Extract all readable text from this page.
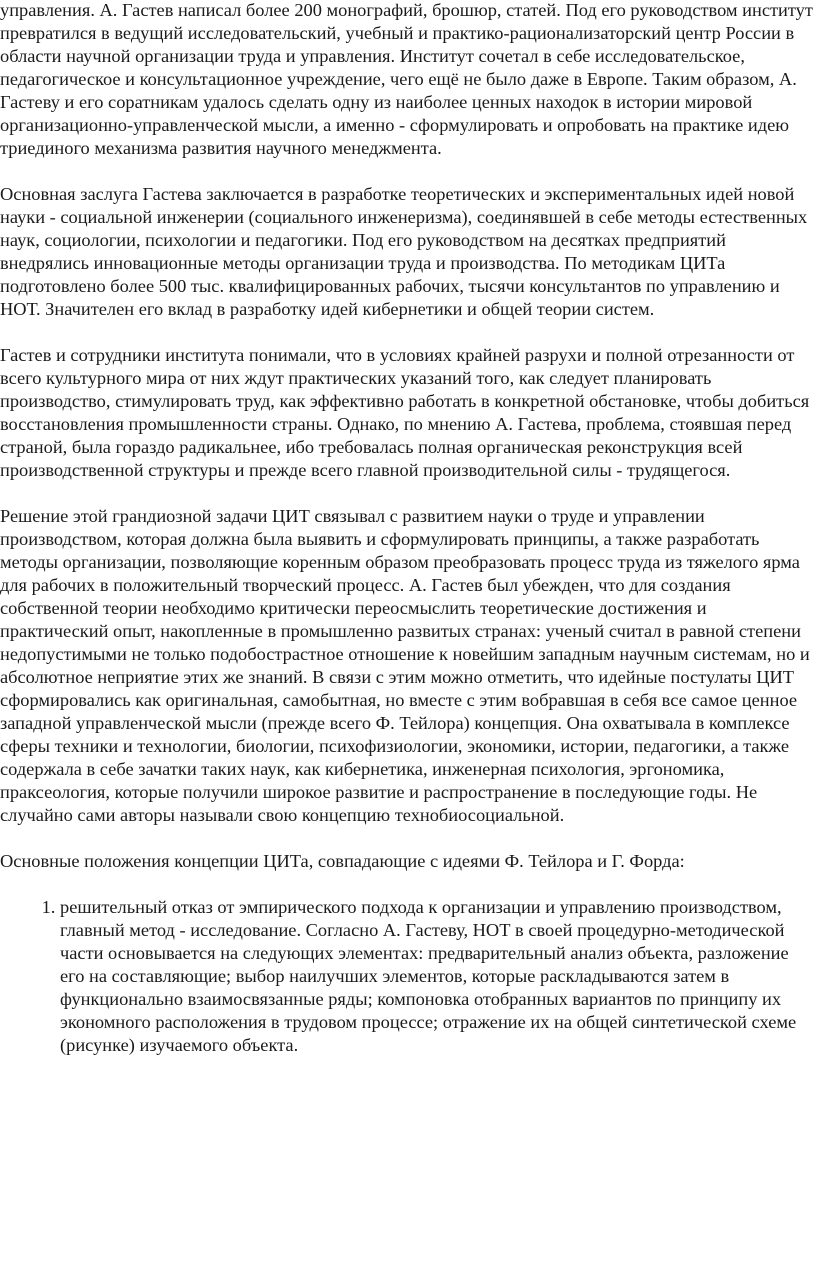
управления. А. Гастев написал более 200 монографий, брошюр, статей. Под его руководством институт превратился в ведущий исследовательский, учебный и практико-рационализаторский центр России в области научной организации труда и управления. Институт сочетал в себе исследовательское, педагогическое и консультационное учреждение, чего ещё не было даже в Европе. Таким образом, А. Гастеву и его соратникам удалось сделать одну из наиболее ценных находок в истории мировой организационно-управленческой мысли, а именно - сформулировать и опробовать на практике идею триединого механизма развития научного менеджмента.

Основная заслуга Гастева заключается в разработке теоретических и экспериментальных идей новой науки - социальной инженерии (социального инженеризма), соединявшей в себе методы естественных наук, социологии, психологии и педагогики. Под его руководством на десятках предприятий внедрялись инновационные методы организации труда и производства. По методикам ЦИТа подготовлено более 500 тыс. квалифицированных рабочих, тысячи консультантов по управлению и НОТ. Значителен его вклад в разработку идей кибернетики и общей теории систем.

Гастев и сотрудники института понимали, что в условиях крайней разрухи и полной отрезанности от всего культурного мира от них ждут практических указаний того, как следует планировать производство, стимулировать труд, как эффективно работать в конкретной обстановке, чтобы добиться восстановления промышленности страны. Однако, по мнению А. Гастева, проблема, стоявшая перед страной, была гораздо радикальнее, ибо требовалась полная органическая реконструкция всей производственной структуры и прежде всего главной производительной силы - трудящегося.

Решение этой грандиозной задачи ЦИТ связывал с развитием науки о труде и управлении производством, которая должна была выявить и сформулировать принципы, а также разработать методы организации, позволяющие коренным образом преобразовать процесс труда из тяжелого ярма для рабочих в положительный творческий процесс. А. Гастев был убежден, что для создания собственной теории необходимо критически переосмыслить теоретические достижения и практический опыт, накопленные в промышленно развитых странах: ученый считал в равной степени недопустимыми не только подобострастное отношение к новейшим западным научным системам, но и абсолютное неприятие этих же знаний. В связи с этим можно отметить, что идейные постулаты ЦИТ сформировались как оригинальная, самобытная, но вместе с этим вобравшая в себя все самое ценное западной управленческой мысли (прежде всего Ф. Тейлора) концепция. Она охватывала в комплексе сферы техники и технологии, биологии, психофизиологии, экономики, истории, педагогики, а также содержала в себе зачатки таких наук, как кибернетика, инженерная психология, эргономика, праксеология, которые получили широкое развитие и распространение в последующие годы. Не случайно сами авторы называли свою концепцию технобиосоциальной.

Основные положения концепции ЦИТа, совпадающие с идеями Ф. Тейлора и Г. Форда:

1. решительный отказ от эмпирического подхода к организации и управлению производством, главный метод - исследование. Согласно А. Гастеву, НОТ в своей процедурно-методической части основывается на следующих элементах: предварительный анализ объекта, разложение его на составляющие; выбор наилучших элементов, которые раскладываются затем в функционально взаимосвязанные ряды; компоновка отобранных вариантов по принципу их экономного расположения в трудовом процессе; отражение их на общей синтетической схеме (рисунке) изучаемого объекта.
